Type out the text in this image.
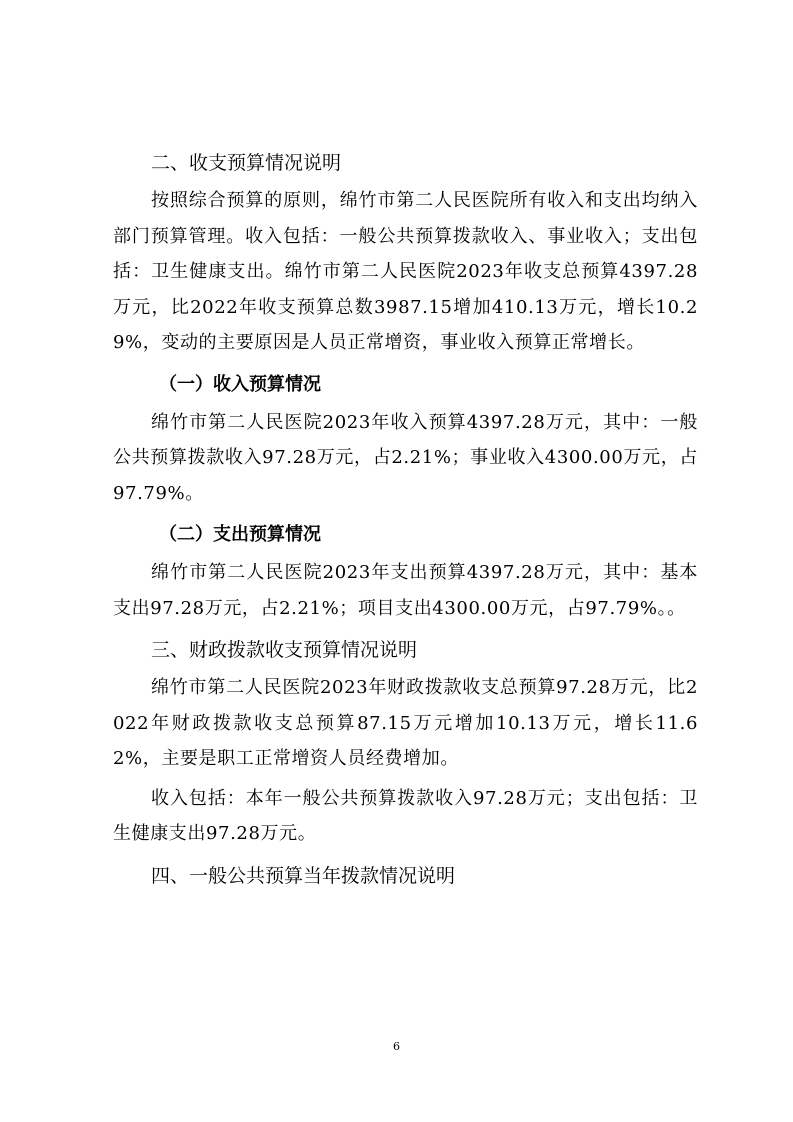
二、收支预算情况说明

按照综合预算的原则，绵竹市第二人民医院所有收入和支出均纳入部门预算管理。收入包括：一般公共预算拨款收入、事业收入；支出包括：卫生健康支出。绵竹市第二人民医院2023年收支总预算4397.28万元，比2022年收支预算总数3987.15增加410.13万元，增长10.29%，变动的主要原因是人员正常增资，事业收入预算正常增长。

（一）收入预算情况

绵竹市第二人民医院2023年收入预算4397.28万元，其中：一般公共预算拨款收入97.28万元，占2.21%；事业收入4300.00万元，占97.79%。

（二）支出预算情况

绵竹市第二人民医院2023年支出预算4397.28万元，其中：基本支出97.28万元，占2.21%；项目支出4300.00万元，占97.79%。。

三、财政拨款收支预算情况说明

绵竹市第二人民医院2023年财政拨款收支总预算97.28万元，比2022年财政拨款收支总预算87.15万元增加10.13万元，增长11.62%，主要是职工正常增资人员经费增加。

收入包括：本年一般公共预算拨款收入97.28万元；支出包括：卫生健康支出97.28万元。

四、一般公共预算当年拨款情况说明
6
